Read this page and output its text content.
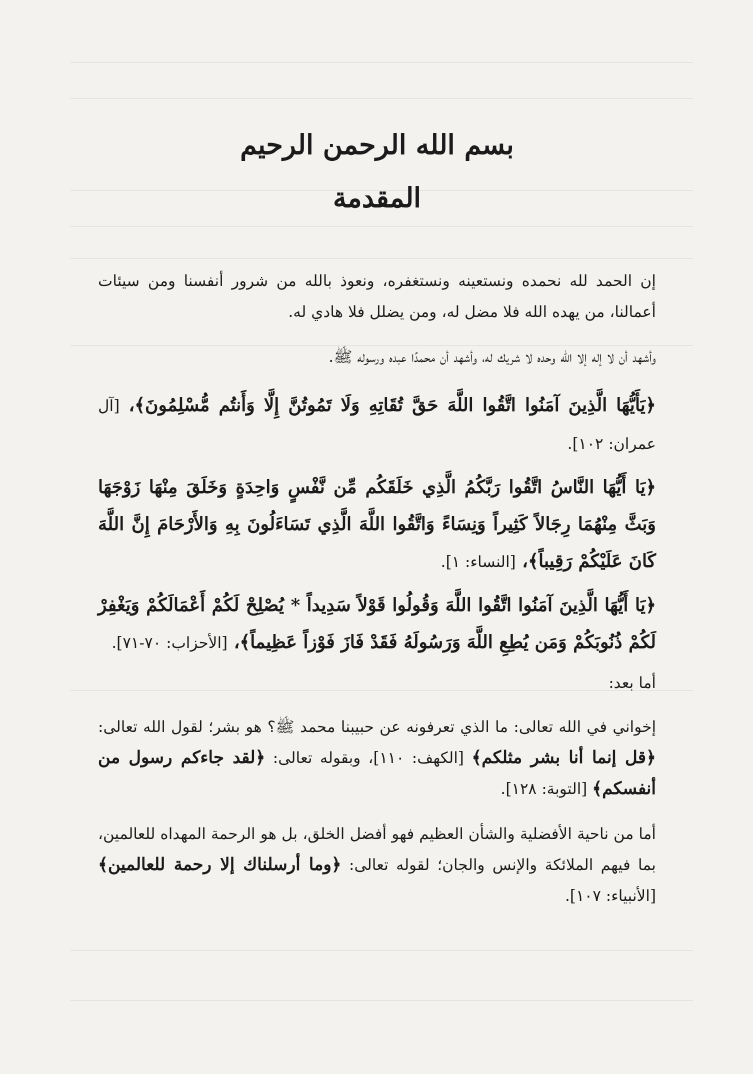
بسم الله الرحمن الرحيم
المقدمة

إن الحمد لله نحمده ونستعينه ونستغفره، ونعوذ بالله من شرور أنفسنا ومن سيئات أعمالنا، من يهده الله فلا مضل له، ومن يضلل فلا هادي له.

وأشهد أن لا إله إلا الله وحده لا شريك له، وأشهد أن محمدًا عبده ورسوله ﷺ.

﴿يَأَيُّهَا الَّذِينَ آمَنُوا اتَّقُوا اللَّهَ حَقَّ تُقَاتِهِ وَلَا تَمُوتُنَّ إِلَّا وَأَنتُم مُّسْلِمُونَ﴾، [آل عمران: ١٠٢].

﴿يَا أَيُّهَا النَّاسُ اتَّقُوا رَبَّكُمُ الَّذِي خَلَقَكُم مِّن نَّفْسٍ وَاحِدَةٍ وَخَلَقَ مِنْهَا زَوْجَهَا وَبَثَّ مِنْهُمَا رِجَالاً كَثِيراً وَنِسَاءً وَاتَّقُوا اللَّهَ الَّذِي تَسَاءَلُونَ بِهِ وَالأَرْحَامَ إِنَّ اللَّهَ كَانَ عَلَيْكُمْ رَقِيباً﴾، [النساء: ١].

﴿يَا أَيُّهَا الَّذِينَ آمَنُوا اتَّقُوا اللَّهَ وَقُولُوا قَوْلاً سَدِيداً * يُصْلِحْ لَكُمْ أَعْمَالَكُمْ وَيَغْفِرْ لَكُمْ ذُنُوبَكُمْ وَمَن يُطِعِ اللَّهَ وَرَسُولَهُ فَقَدْ فَازَ فَوْزاً عَظِيماً﴾، [الأحزاب: ٧٠-٧١].

أما بعد:

إخواني في الله تعالى: ما الذي تعرفونه عن حبيبنا محمد ﷺ؟ هو بشر؛ لقول الله تعالى: ﴿قل إنما أنا بشر مثلكم﴾ [الكهف: ١١٠]، وبقوله تعالى: ﴿لقد جاءكم رسول من أنفسكم﴾ [التوبة: ١٢٨].

أما من ناحية الأفضلية والشأن العظيم فهو أفضل الخلق، بل هو الرحمة المهداه للعالمين، بما فيهم الملائكة والإنس والجان؛ لقوله تعالى: ﴿وما أرسلناك إلا رحمة للعالمين﴾ [الأنبياء: ١٠٧].
